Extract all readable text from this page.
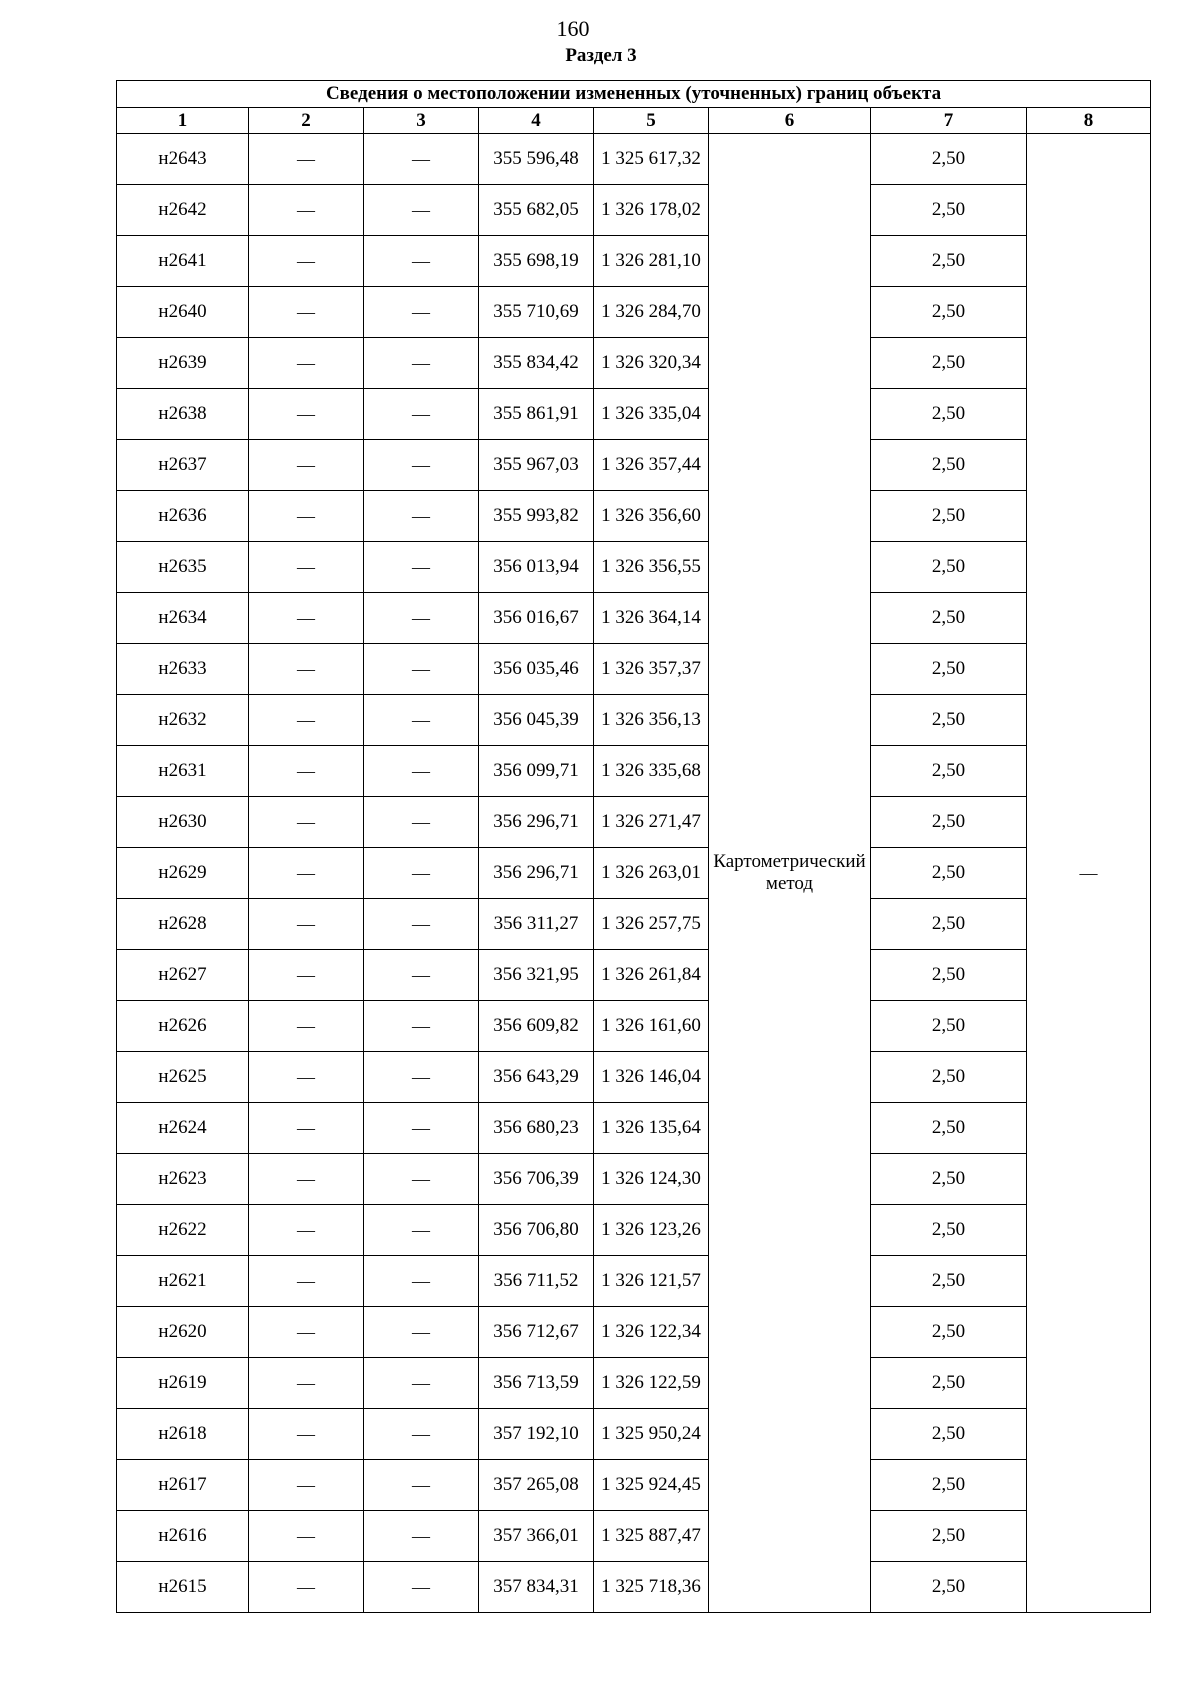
160
Раздел 3
Сведения о местоположении измененных (уточненных) границ объекта							
1	2	3	4	5	6	7	8
н2643	—	—	355 596,48	1 325 617,32	Картометрический метод	2,50	—
н2642	—	—	355 682,05	1 326 178,02		2,50	
н2641	—	—	355 698,19	1 326 281,10		2,50	
н2640	—	—	355 710,69	1 326 284,70		2,50	
н2639	—	—	355 834,42	1 326 320,34		2,50	
н2638	—	—	355 861,91	1 326 335,04		2,50	
н2637	—	—	355 967,03	1 326 357,44		2,50	
н2636	—	—	355 993,82	1 326 356,60		2,50	
н2635	—	—	356 013,94	1 326 356,55		2,50	
н2634	—	—	356 016,67	1 326 364,14		2,50	
н2633	—	—	356 035,46	1 326 357,37		2,50	
н2632	—	—	356 045,39	1 326 356,13		2,50	
н2631	—	—	356 099,71	1 326 335,68		2,50	
н2630	—	—	356 296,71	1 326 271,47		2,50	
н2629	—	—	356 296,71	1 326 263,01		2,50	
н2628	—	—	356 311,27	1 326 257,75		2,50	
н2627	—	—	356 321,95	1 326 261,84		2,50	
н2626	—	—	356 609,82	1 326 161,60		2,50	
н2625	—	—	356 643,29	1 326 146,04		2,50	
н2624	—	—	356 680,23	1 326 135,64		2,50	
н2623	—	—	356 706,39	1 326 124,30		2,50	
н2622	—	—	356 706,80	1 326 123,26		2,50	
н2621	—	—	356 711,52	1 326 121,57		2,50	
н2620	—	—	356 712,67	1 326 122,34		2,50	
н2619	—	—	356 713,59	1 326 122,59		2,50	
н2618	—	—	357 192,10	1 325 950,24		2,50	
н2617	—	—	357 265,08	1 325 924,45		2,50	
н2616	—	—	357 366,01	1 325 887,47		2,50	
н2615	—	—	357 834,31	1 325 718,36		2,50	
